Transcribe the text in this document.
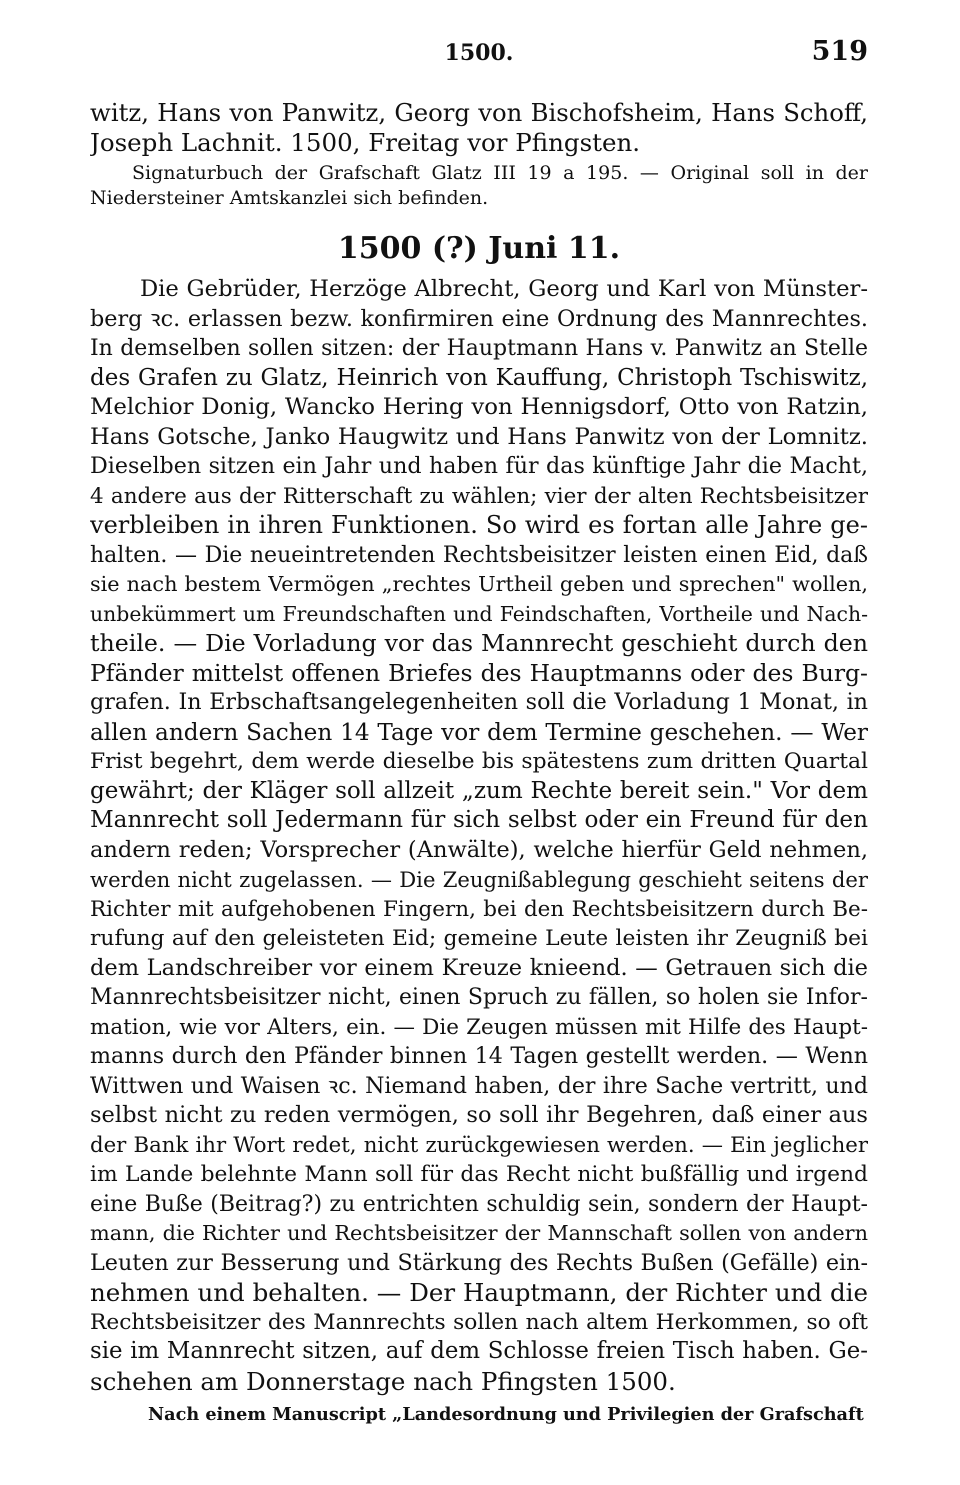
1500.	519
witz, Hans von Panwitz, Georg von Bischofsheim, Hans Schoff,
Joseph Lachnit. 1500, Freitag vor Pfingsten.
Signaturbuch der Grafschaft Glatz III 19 a 195. — Original soll in der
Niedersteiner Amtskanzlei sich befinden.
1500 (?) Juni 11.
Die Gebrüder, Herzöge Albrecht, Georg und Karl von Münster-
berg ꝛc. erlassen bezw. konfirmiren eine Ordnung des Mannrechtes.
In demselben sollen sitzen: der Hauptmann Hans v. Panwitz an Stelle
des Grafen zu Glatz, Heinrich von Kauffung, Christoph Tschiswitz,
Melchior Donig, Wancko Hering von Hennigsdorf, Otto von Ratzin,
Hans Gotsche, Janko Haugwitz und Hans Panwitz von der Lomnitz.
Dieselben sitzen ein Jahr und haben für das künftige Jahr die Macht,
4 andere aus der Ritterschaft zu wählen; vier der alten Rechtsbeisitzer
verbleiben in ihren Funktionen. So wird es fortan alle Jahre ge-
halten. — Die neueintretenden Rechtsbeisitzer leisten einen Eid, daß
sie nach bestem Vermögen „rechtes Urtheil geben und sprechen" wollen,
unbekümmert um Freundschaften und Feindschaften, Vortheile und Nach-
theile. — Die Vorladung vor das Mannrecht geschieht durch den
Pfänder mittelst offenen Briefes des Hauptmanns oder des Burg-
grafen. In Erbschaftsangelegenheiten soll die Vorladung 1 Monat, in
allen andern Sachen 14 Tage vor dem Termine geschehen. — Wer
Frist begehrt, dem werde dieselbe bis spätestens zum dritten Quartal
gewährt; der Kläger soll allzeit „zum Rechte bereit sein." Vor dem
Mannrecht soll Jedermann für sich selbst oder ein Freund für den
andern reden; Vorsprecher (Anwälte), welche hierfür Geld nehmen,
werden nicht zugelassen. — Die Zeugnißablegung geschieht seitens der
Richter mit aufgehobenen Fingern, bei den Rechtsbeisitzern durch Be-
rufung auf den geleisteten Eid; gemeine Leute leisten ihr Zeugniß bei
dem Landschreiber vor einem Kreuze knieend. — Getrauen sich die
Mannrechtsbeisitzer nicht, einen Spruch zu fällen, so holen sie Infor-
mation, wie vor Alters, ein. — Die Zeugen müssen mit Hilfe des Haupt-
manns durch den Pfänder binnen 14 Tagen gestellt werden. — Wenn
Wittwen und Waisen ꝛc. Niemand haben, der ihre Sache vertritt, und
selbst nicht zu reden vermögen, so soll ihr Begehren, daß einer aus
der Bank ihr Wort redet, nicht zurückgewiesen werden. — Ein jeglicher
im Lande belehnte Mann soll für das Recht nicht bußfällig und irgend
eine Buße (Beitrag?) zu entrichten schuldig sein, sondern der Haupt-
mann, die Richter und Rechtsbeisitzer der Mannschaft sollen von andern
Leuten zur Besserung und Stärkung des Rechts Bußen (Gefälle) ein-
nehmen und behalten. — Der Hauptmann, der Richter und die
Rechtsbeisitzer des Mannrechts sollen nach altem Herkommen, so oft
sie im Mannrecht sitzen, auf dem Schlosse freien Tisch haben. Ge-
schehen am Donnerstage nach Pfingsten 1500.
Nach einem Manuscript „Landesordnung und Privilegien der Grafschaft
